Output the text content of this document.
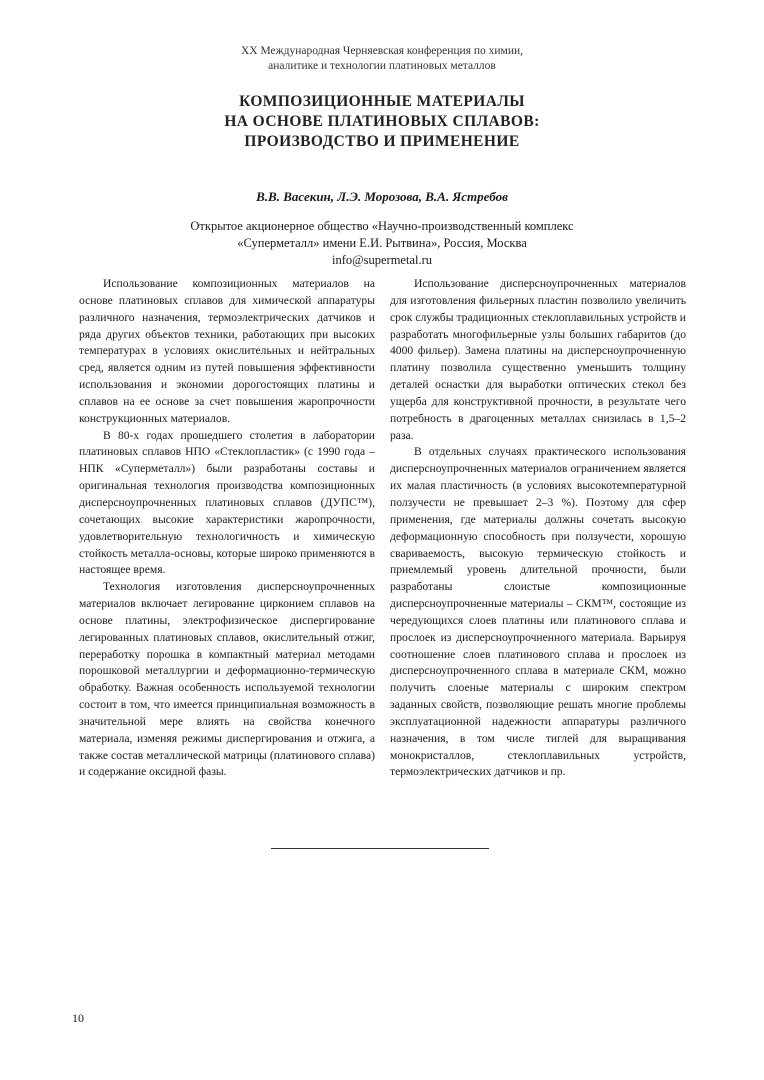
XX Международная Черняевская конференция по химии,
аналитике и технологии платиновых металлов
КОМПОЗИЦИОННЫЕ МАТЕРИАЛЫ
НА ОСНОВЕ ПЛАТИНОВЫХ СПЛАВОВ:
ПРОИЗВОДСТВО И ПРИМЕНЕНИЕ
В.В. Васекин, Л.Э. Морозова, В.А. Ястребов
Открытое акционерное общество «Научно-производственный комплекс
«Суперметалл» имени Е.И. Рытвина», Россия, Москва
info@supermetal.ru

Использование композиционных материалов на основе платиновых сплавов для химической аппаратуры различного назначения, термоэлектрических датчиков и ряда других объектов техники, работающих при высоких температурах в условиях окислительных и нейтральных сред, является одним из путей повышения эффективности использования и экономии дорогостоящих платины и сплавов на ее основе за счет повышения жаропрочности конструкционных материалов.

В 80-х годах прошедшего столетия в лаборатории платиновых сплавов НПО «Стеклопластик» (с 1990 года – НПК «Суперметалл») были разработаны составы и оригинальная технология производства композиционных дисперсноупрочненных платиновых сплавов (ДУПС™), сочетающих высокие характеристики жаропрочности, удовлетворительную технологичность и химическую стойкость металла-основы, которые широко применяются в настоящее время.

Технология изготовления дисперсноупрочненных материалов включает легирование циркониeм сплавов на основе платины, электрофизическое диспергирование легированных платиновых сплавов, окислительный отжиг, переработку порошка в компактный материал методами порошковой металлургии и деформационно-термическую обработку. Важная особенность используемой технологии состоит в том, что имеется принципиальная возможность в значительной мере влиять на свойства конечного материала, изменяя режимы диспергирования и отжига, а также состав металлической матрицы (платинового сплава) и содержание оксидной фазы.

Использование дисперсноупрочненных материалов для изготовления фильерных пластин позволило увеличить срок службы традиционных стеклоплавильных устройств и разработать многофильерные узлы больших габаритов (до 4000 фильер). Замена платины на дисперсноупрочненную платину позволила существенно уменьшить толщину деталей оснастки для выработки оптических стекол без ущерба для конструктивной прочности, в результате чего потребность в драгоценных металлах снизилась в 1,5–2 раза.

В отдельных случаях практического использования дисперсноупрочненных материалов ограничением является их малая пластичность (в условиях высокотемпературной ползучести не превышает 2–3 %). Поэтому для сфер применения, где материалы должны сочетать высокую деформационную способность при ползучести, хорошую свариваемость, высокую термическую стойкость и приемлемый уровень длительной прочности, были разработаны слоистые композиционные дисперсноупрочненные материалы – СКМ™, состоящие из чередующихся слоев платины или платинового сплава и прослоек из дисперсноупрочненного материала. Варьируя соотношение слоев платинового сплава и прослоек из дисперсноупрочненного сплава в материале СКМ, можно получить слоеные материалы с широким спектром заданных свойств, позволяющие решать многие проблемы эксплуатационной надежности аппаратуры различного назначения, в том числе тиглей для выращивания монокристаллов, стеклоплавильных устройств, термоэлектрических датчиков и пр.

10
